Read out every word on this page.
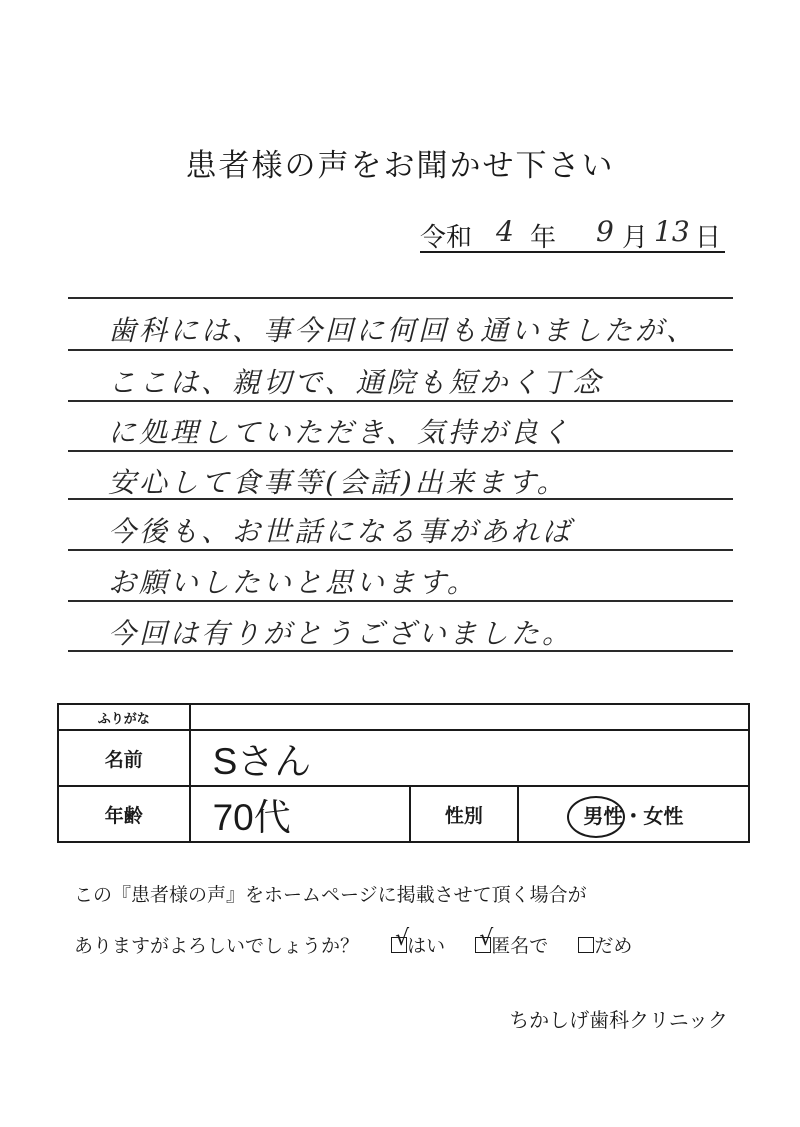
患者様の声をお聞かせ下さい
令和 4 年 9 月 13 日
歯科には、事今回に何回も通いましたが、
ここは、親切で、通院も短かく丁念
に処理していただき、気持が良く
安心して食事等(会話)出来ます。
今後も、お世話になる事があれば
お願いしたいと思います。
今回は有りがとうございました。
ふりがな			
名前	Sさん		
年齢	70代	性別	男性・女性
この『患者様の声』をホームページに掲載させて頂く場合が
ありますがよろしいでしょうか？ √
はい √
匿名で だめ
ちかしげ歯科クリニック
